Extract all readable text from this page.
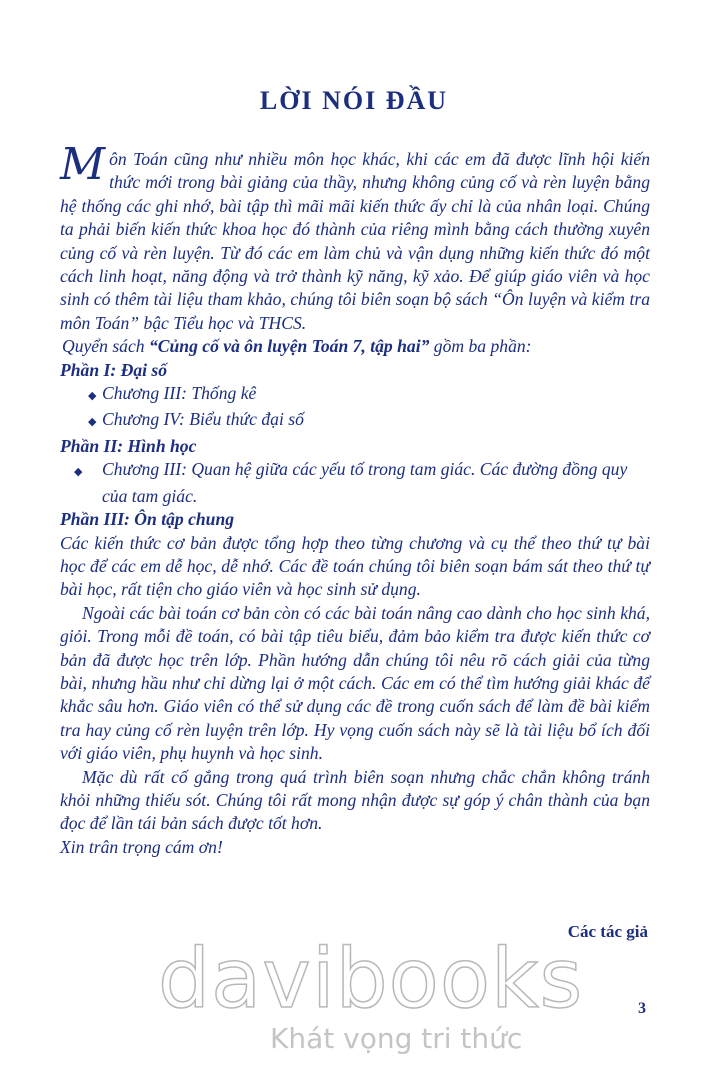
LỜI NÓI ĐẦU

Môn Toán cũng như nhiều môn học khác, khi các em đã được lĩnh hội kiến thức mới trong bài giảng của thầy, nhưng không củng cố và rèn luyện bằng hệ thống các ghi nhớ, bài tập thì mãi mãi kiến thức ấy chỉ là của nhân loại. Chúng ta phải biến kiến thức khoa học đó thành của riêng mình bằng cách thường xuyên củng cố và rèn luyện. Từ đó các em làm chủ và vận dụng những kiến thức đó một cách linh hoạt, năng động và trở thành kỹ năng, kỹ xảo. Để giúp giáo viên và học sinh có thêm tài liệu tham khảo, chúng tôi biên soạn bộ sách “Ôn luyện và kiểm tra môn Toán” bậc Tiểu học và THCS.

Quyển sách “Củng cố và ôn luyện Toán 7, tập hai” gồm ba phần:

Phần I: Đại số

◆ Chương III: Thống kê

◆ Chương IV: Biểu thức đại số

Phần II: Hình học

◆ Chương III: Quan hệ giữa các yếu tố trong tam giác. Các đường đồng quy của tam giác.

Phần III: Ôn tập chung

Các kiến thức cơ bản được tổng hợp theo từng chương và cụ thể theo thứ tự bài học để các em dễ học, dễ nhớ. Các đề toán chúng tôi biên soạn bám sát theo thứ tự bài học, rất tiện cho giáo viên và học sinh sử dụng.

Ngoài các bài toán cơ bản còn có các bài toán nâng cao dành cho học sinh khá, giỏi. Trong mỗi đề toán, có bài tập tiêu biểu, đảm bảo kiểm tra được kiến thức cơ bản đã được học trên lớp. Phần hướng dẫn chúng tôi nêu rõ cách giải của từng bài, nhưng hầu như chỉ dừng lại ở một cách. Các em có thể tìm hướng giải khác để khắc sâu hơn. Giáo viên có thể sử dụng các đề trong cuốn sách để làm đề bài kiểm tra hay củng cố rèn luyện trên lớp. Hy vọng cuốn sách này sẽ là tài liệu bổ ích đối với giáo viên, phụ huynh và học sinh.

Mặc dù rất cố gắng trong quá trình biên soạn nhưng chắc chắn không tránh khỏi những thiếu sót. Chúng tôi rất mong nhận được sự góp ý chân thành của bạn đọc để lần tái bản sách được tốt hơn.

Xin trân trọng cám ơn!

Các tác giả
3
davibooks
Khát vọng tri thức
